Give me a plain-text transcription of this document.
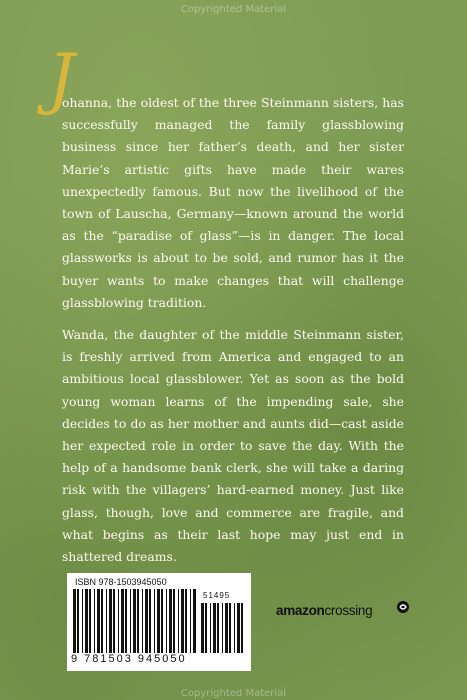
Copyrighted Material
J

ohanna, the oldest of the three Steinmann sisters, has successfully managed the family glassblowing business since her father’s death, and her sister Marie’s artistic gifts have made their wares unexpectedly famous. But now the livelihood of the town of Lauscha, Germany—known around the world as the “paradise of glass”—is in danger. The local glassworks is about to be sold, and rumor has it the buyer wants to make changes that will challenge glassblowing tradition.

Wanda, the daughter of the middle Steinmann sister, is freshly arrived from America and engaged to an ambitious local glassblower. Yet as soon as the bold young woman learns of the impending sale, she decides to do as her mother and aunts did—cast aside her expected role in order to save the day. With the help of a handsome bank clerk, she will take a daring risk with the villagers’ hard-earned money. Just like glass, though, love and commerce are fragile, and what begins as their last hope may just end in shattered dreams.

ISBN 978-1503945050
51495
9 781503 945050
amazoncrossing
Copyrighted Material
